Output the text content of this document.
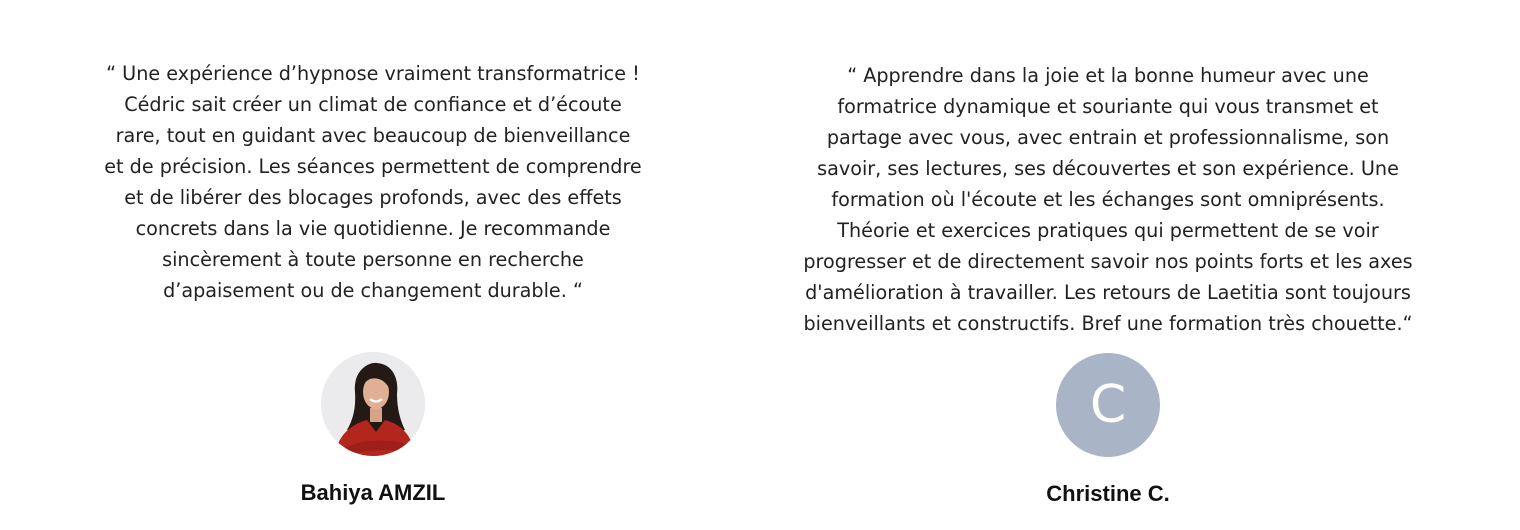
“ Une expérience d’hypnose vraiment transformatrice !
Cédric sait créer un climat de confiance et d’écoute
rare, tout en guidant avec beaucoup de bienveillance
et de précision. Les séances permettent de comprendre
et de libérer des blocages profonds, avec des effets
concrets dans la vie quotidienne. Je recommande
sincèrement à toute personne en recherche
d’apaisement ou de changement durable. “

Bahiya AMZIL

“ Apprendre dans la joie et la bonne humeur avec une
formatrice dynamique et souriante qui vous transmet et
partage avec vous, avec entrain et professionnalisme, son
savoir, ses lectures, ses découvertes et son expérience. Une
formation où l'écoute et les échanges sont omniprésents.
Théorie et exercices pratiques qui permettent de se voir
progresser et de directement savoir nos points forts et les axes
d'amélioration à travailler. Les retours de Laetitia sont toujours
bienveillants et constructifs. Bref une formation très chouette.“

C
Christine C.
